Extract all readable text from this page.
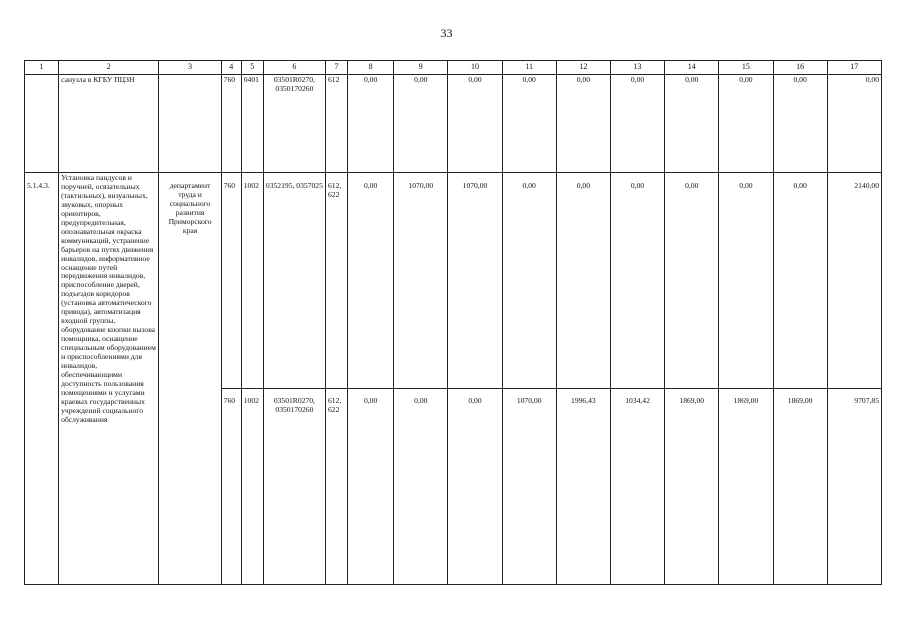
33
1	2	3	4	5	6	7	8	9	10	11	12	13	14	15	16	17
	санузла в КГБУ ПЦЗН		760	0401	03501R0270, 0350170260	612	0,00	0,00	0,00	0,00	0,00	0,00	0,00	0,00	0,00	0,00
5.1.4.3.	Установка пандусов и поручней, осязательных (тактильных), визуальных, звуковых, опорных ориентиров, предупредительная, опознавательная окраска коммуникаций, устранение барьеров на путях движения инвалидов, информативное оснащение путей передвижения инвалидов, приспособление дверей, подъездов коридоров (установка автоматического привода), автоматизация входной группы, оборудование кнопки вызова помощника, оснащение специальным оборудованием и приспособлениями для инвалидов, обеспечивающими доступность пользования помещениями и услугами краевых государственных учреждений социального обслуживания	департамент труда и социального развития Приморского края	760	1002	0352195, 0357025	612, 622	0,00	1070,00	1070,00	0,00	0,00	0,00	0,00	0,00	0,00	2140,00
			760	1002	03501R0270, 0350170260	612, 622	0,00	0,00	0,00	1070,00	1996,43	1034,42	1869,00	1869,00	1869,00	9707,85
